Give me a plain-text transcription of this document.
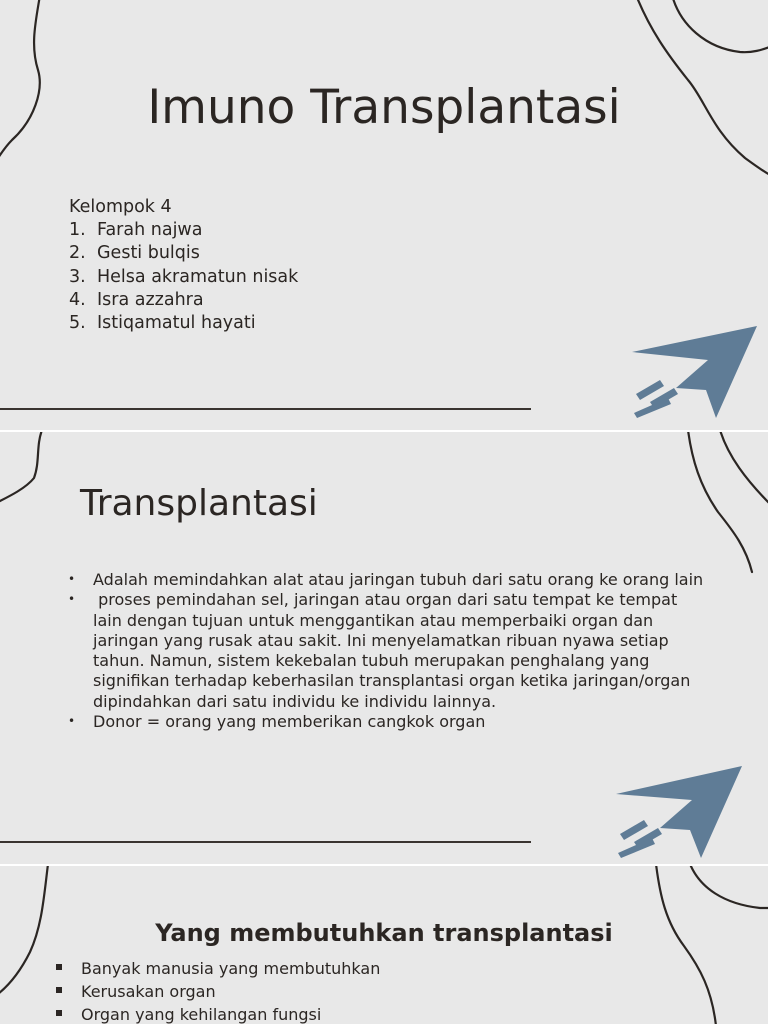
Imuno Transplantasi
Kelompok 4
1. Farah najwa
2. Gesti bulqis
3. Helsa akramatun nisak
4. Isra azzahra
5. Istiqamatul hayati
Transplantasi
• Adalah memindahkan alat atau jaringan tubuh dari satu orang ke orang lain
• proses pemindahan sel, jaringan atau organ dari satu tempat ke tempat lain dengan tujuan untuk menggantikan atau memperbaiki organ dan jaringan yang rusak atau sakit. Ini menyelamatkan ribuan nyawa setiap tahun. Namun, sistem kekebalan tubuh merupakan penghalang yang signifikan terhadap keberhasilan transplantasi organ ketika jaringan/organ dipindahkan dari satu individu ke individu lainnya.
• Donor = orang yang memberikan cangkok organ
Yang membutuhkan transplantasi
Banyak manusia yang membutuhkan
Kerusakan organ
Organ yang kehilangan fungsi
